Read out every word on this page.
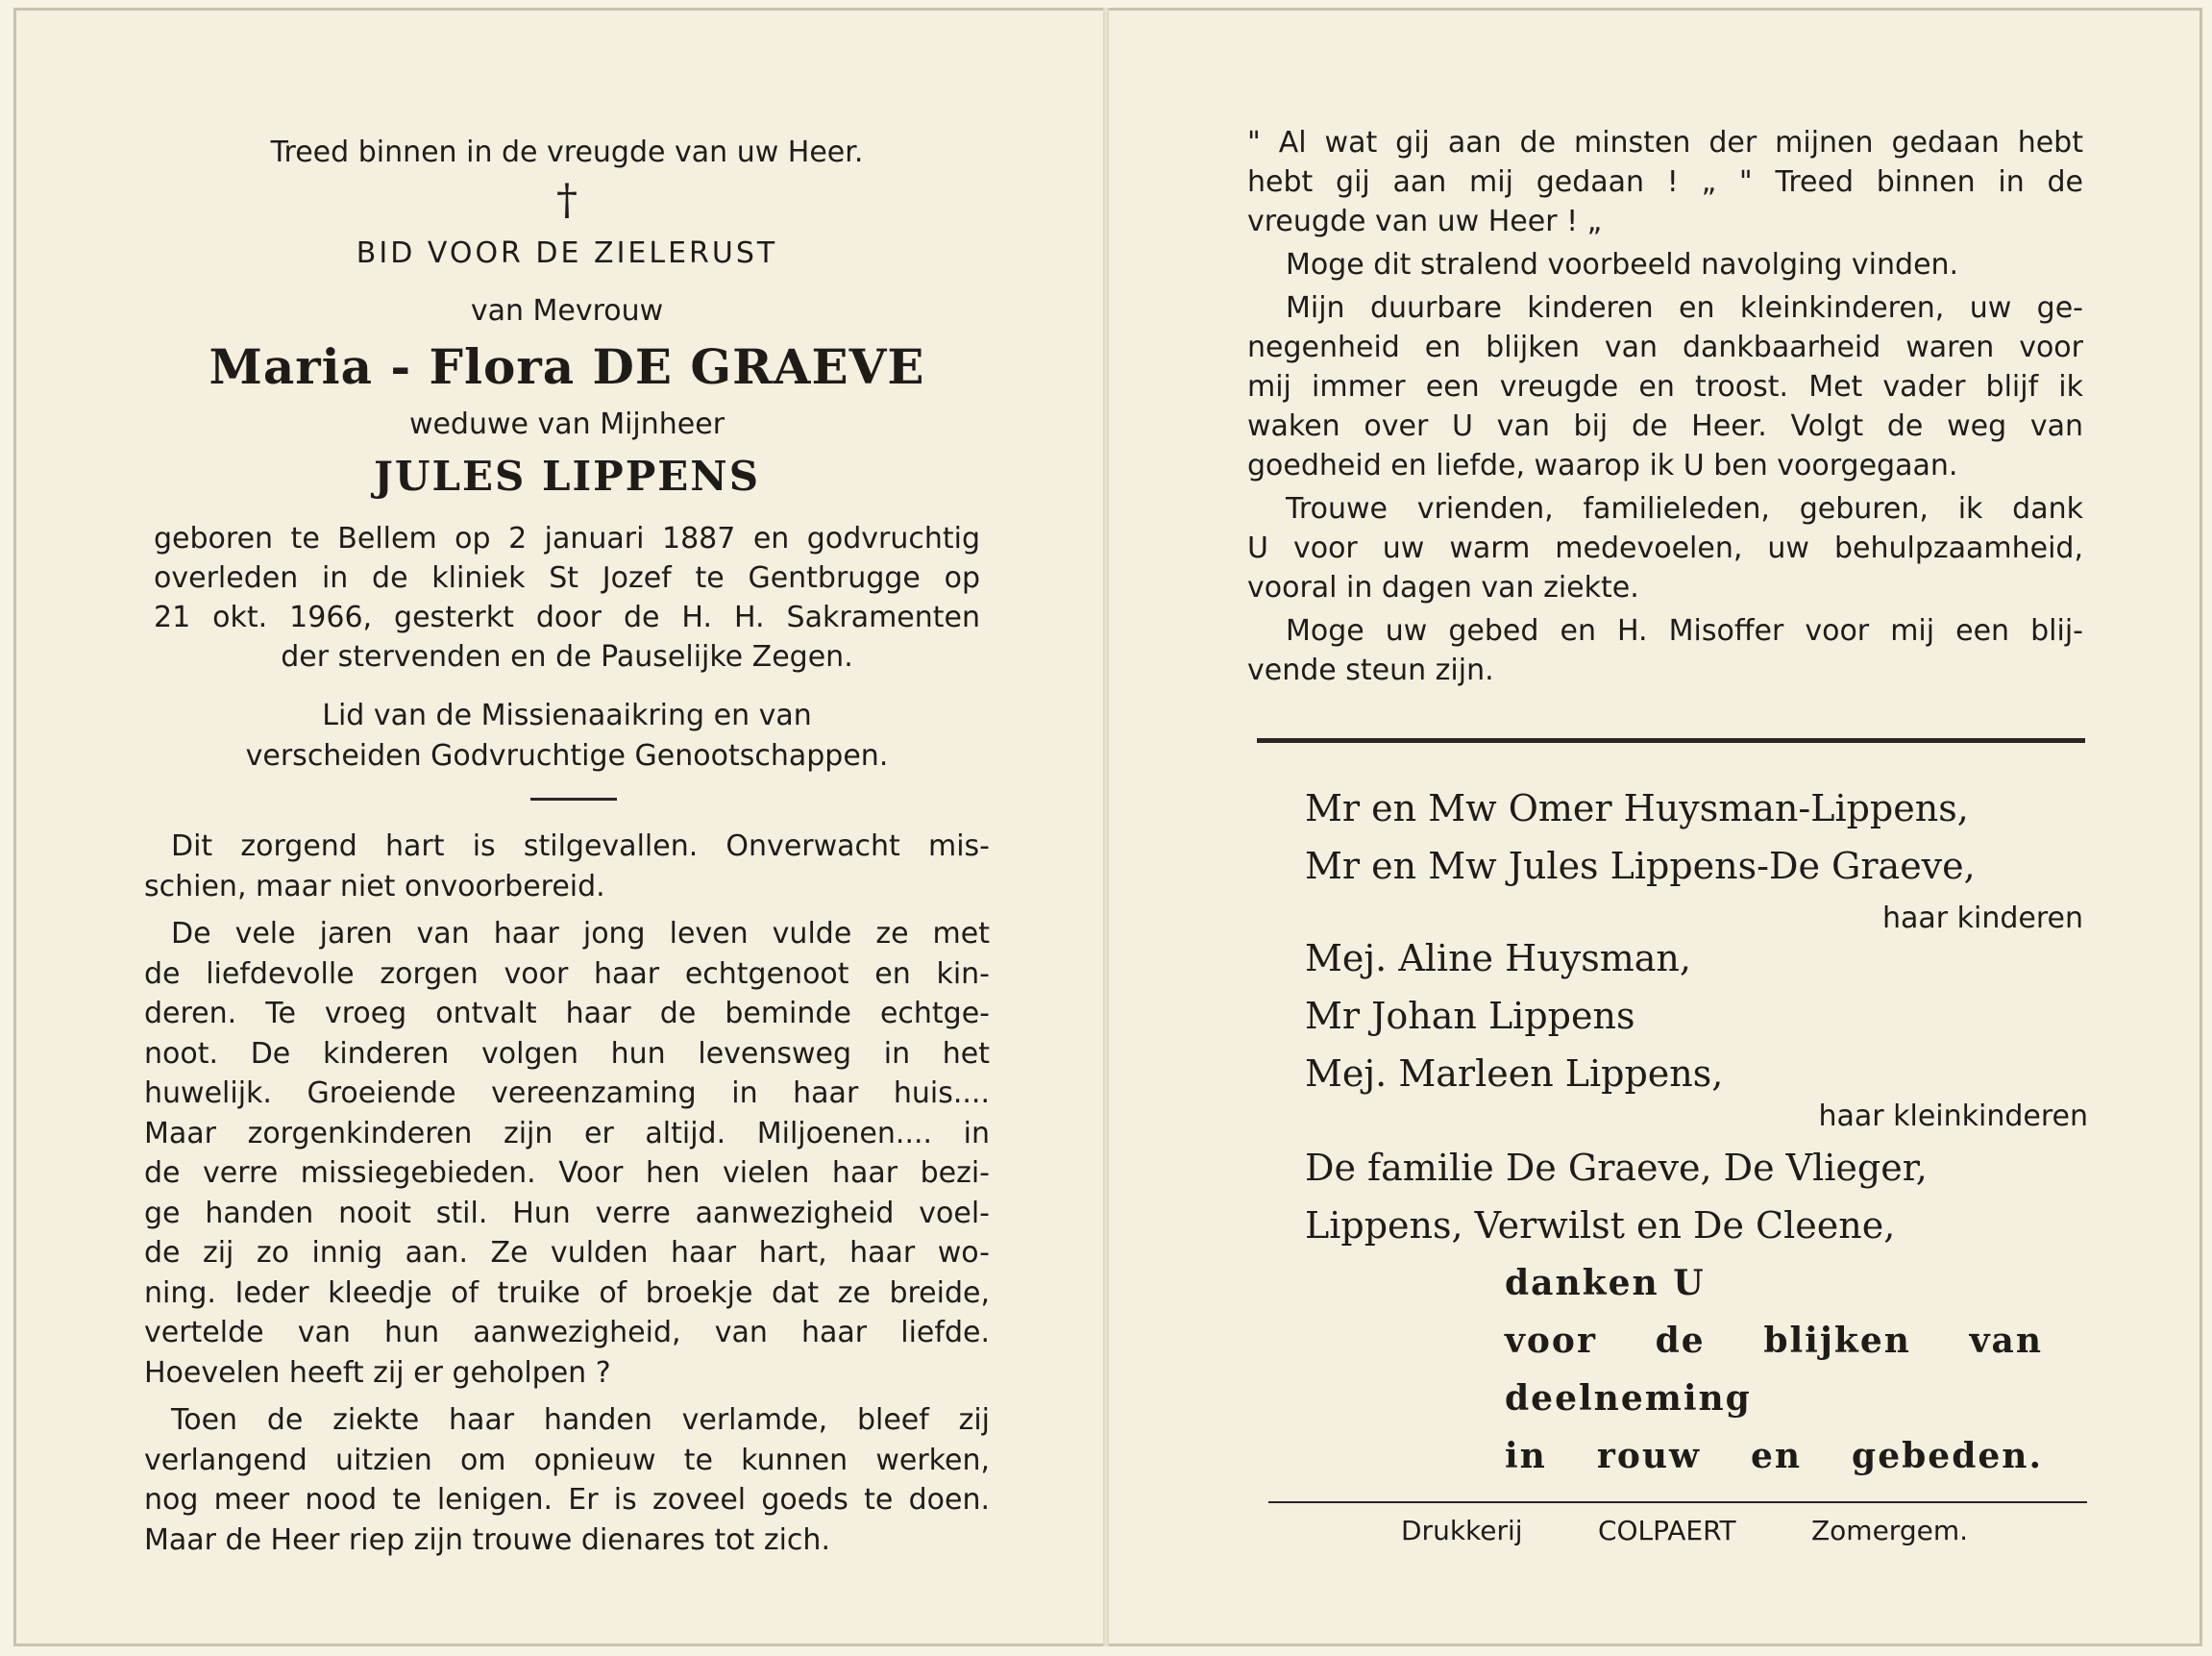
Treed binnen in de vreugde van uw Heer.
†
BID VOOR DE ZIELERUST
van Mevrouw
Maria - Flora DE GRAEVE
weduwe van Mijnheer
JULES LIPPENS
geboren te Bellem op 2 januari 1887 en godvruchtig
overleden in de kliniek St Jozef te Gentbrugge op
21 okt. 1966, gesterkt door de H. H. Sakramenten
der stervenden en de Pauselijke Zegen.
Lid van de Missienaaikring en van
verscheiden Godvruchtige Genootschappen.
Dit zorgend hart is stilgevallen. Onverwacht mis-
schien, maar niet onvoorbereid.
De vele jaren van haar jong leven vulde ze met
de liefdevolle zorgen voor haar echtgenoot en kin-
deren. Te vroeg ontvalt haar de beminde echtge-
noot. De kinderen volgen hun levensweg in het
huwelijk. Groeiende vereenzaming in haar huis....
Maar zorgenkinderen zijn er altijd. Miljoenen.... in
de verre missiegebieden. Voor hen vielen haar bezi-
ge handen nooit stil. Hun verre aanwezigheid voel-
de zij zo innig aan. Ze vulden haar hart, haar wo-
ning. Ieder kleedje of truike of broekje dat ze breide,
vertelde van hun aanwezigheid, van haar liefde.
Hoevelen heeft zij er geholpen ?
Toen de ziekte haar handen verlamde, bleef zij
verlangend uitzien om opnieuw te kunnen werken,
nog meer nood te lenigen. Er is zoveel goeds te doen.
Maar de Heer riep zijn trouwe dienares tot zich.
" Al wat gij aan de minsten der mijnen gedaan hebt
hebt gij aan mij gedaan ! „ " Treed binnen in de
vreugde van uw Heer ! „
Moge dit stralend voorbeeld navolging vinden.
Mijn duurbare kinderen en kleinkinderen, uw ge-
negenheid en blijken van dankbaarheid waren voor
mij immer een vreugde en troost. Met vader blijf ik
waken over U van bij de Heer. Volgt de weg van
goedheid en liefde, waarop ik U ben voorgegaan.
Trouwe vrienden, familieleden, geburen, ik dank
U voor uw warm medevoelen, uw behulpzaamheid,
vooral in dagen van ziekte.
Moge uw gebed en H. Misoffer voor mij een blij-
vende steun zijn.
Mr en Mw Omer Huysman-Lippens,
Mr en Mw Jules Lippens-De Graeve,
haar kinderen
Mej. Aline Huysman,
Mr Johan Lippens
Mej. Marleen Lippens,
haar kleinkinderen
De familie De Graeve, De Vlieger,
Lippens, Verwilst en De Cleene,
danken U
voor de blijken van
deelneming
in rouw en gebeden.
Drukkerij COLPAERT Zomergem.
